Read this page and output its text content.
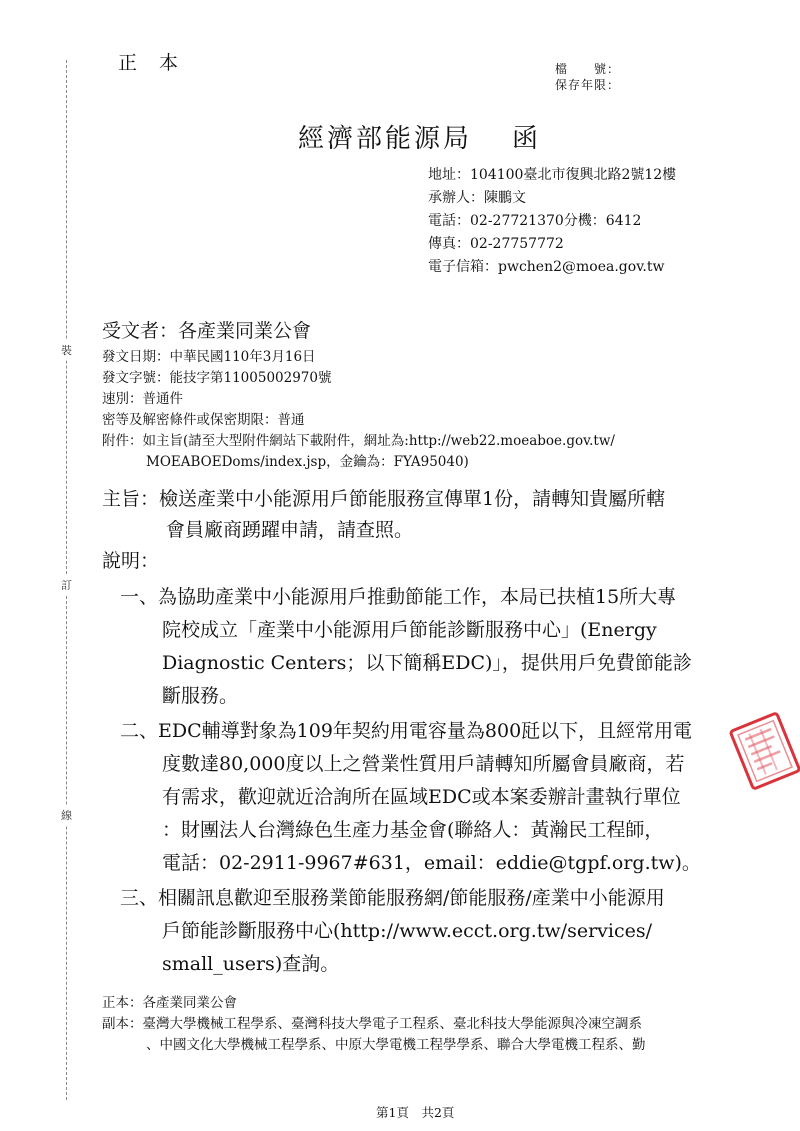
裝
訂
線
正本	檔　　號：
保存年限：
經濟部能源局 函
地址：104100臺北市復興北路2號12樓
承辦人：陳鵬文
電話：02-27721370分機：6412
傳真：02-27757772
電子信箱：pwchen2@moea.gov.tw
受文者：各產業同業公會
發文日期：中華民國110年3月16日
發文字號：能技字第11005002970號
速別：普通件
密等及解密條件或保密期限：普通
附件：如主旨(請至大型附件網站下載附件，網址為:http://web22.moeaboe.gov.tw/
MOEABOEDoms/index.jsp，金鑰為：FYA95040)
主旨：檢送產業中小能源用戶節能服務宣傳單1份，請轉知貴屬所轄
會員廠商踴躍申請，請查照。
說明：
一、為協助產業中小能源用戶推動節能工作，本局已扶植15所大專
院校成立「產業中小能源用戶節能診斷服務中心」(Energy
Diagnostic Centers；以下簡稱EDC)」，提供用戶免費節能診
斷服務。
二、EDC輔導對象為109年契約用電容量為800瓩以下，且經常用電
度數達80,000度以上之營業性質用戶請轉知所屬會員廠商，若
有需求，歡迎就近洽詢所在區域EDC或本案委辦計畫執行單位
：財團法人台灣綠色生產力基金會(聯絡人：黃瀚民工程師，
電話：02-2911-9967#631，email：eddie@tgpf.org.tw)。
三、相關訊息歡迎至服務業節能服務網/節能服務/產業中小能源用
戶節能診斷服務中心(http://www.ecct.org.tw/services/
small_users)查詢。
正本：各產業同業公會
副本：臺灣大學機械工程學系、臺灣科技大學電子工程系、臺北科技大學能源與冷凍空調系
、中國文化大學機械工程學系、中原大學電機工程學學系、聯合大學電機工程系、勤
第1頁　共2頁
